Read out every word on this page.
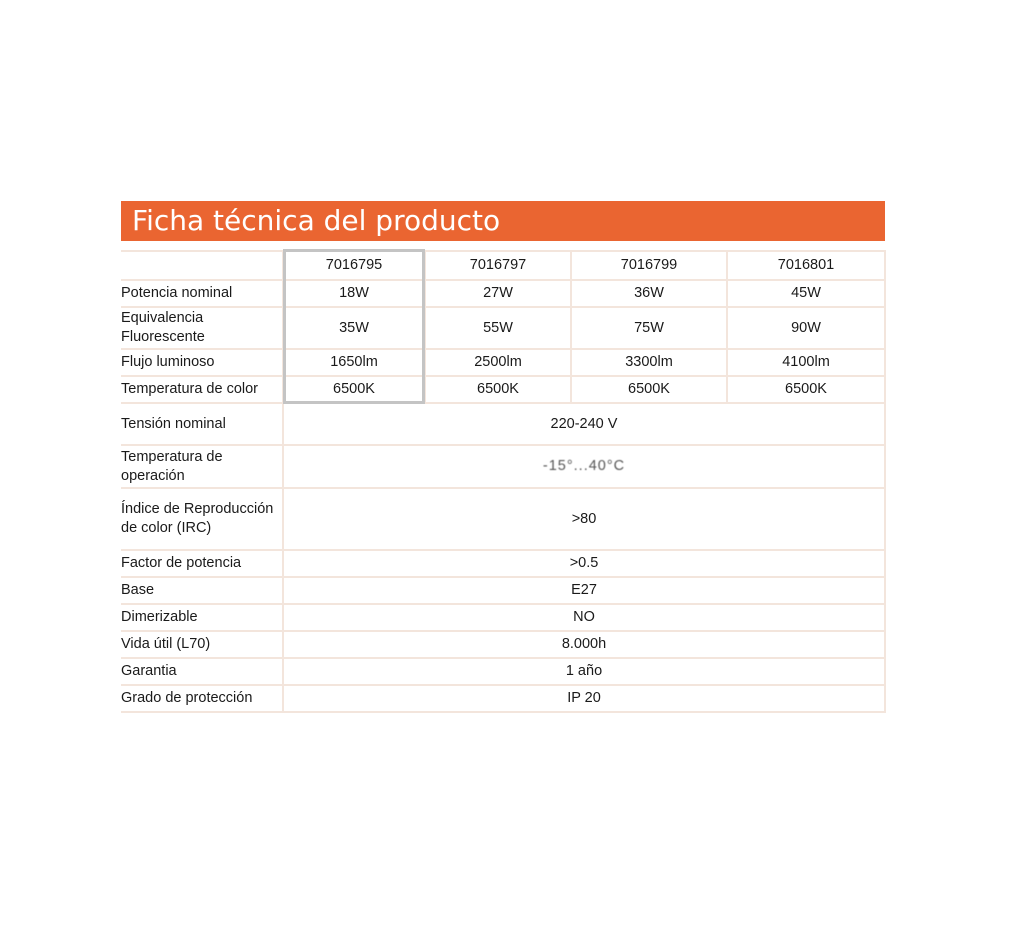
Ficha técnica del producto
	7016795	7016797	7016799	7016801
Potencia nominal	18W	27W	36W	45W
Equivalencia Fluorescente	35W	55W	75W	90W
Flujo luminoso	1650lm	2500lm	3300lm	4100lm
Temperatura de color	6500K	6500K	6500K	6500K
Tensión nominal	220-240 V			
Temperatura de operación	-15°...40°C			
Índice de Reproducción de color (IRC)	>80			
Factor de potencia	>0.5			
Base	E27			
Dimerizable	NO			
Vida útil (L70)	8.000h			
Garantia	1 año			
Grado de protección	IP 20			
